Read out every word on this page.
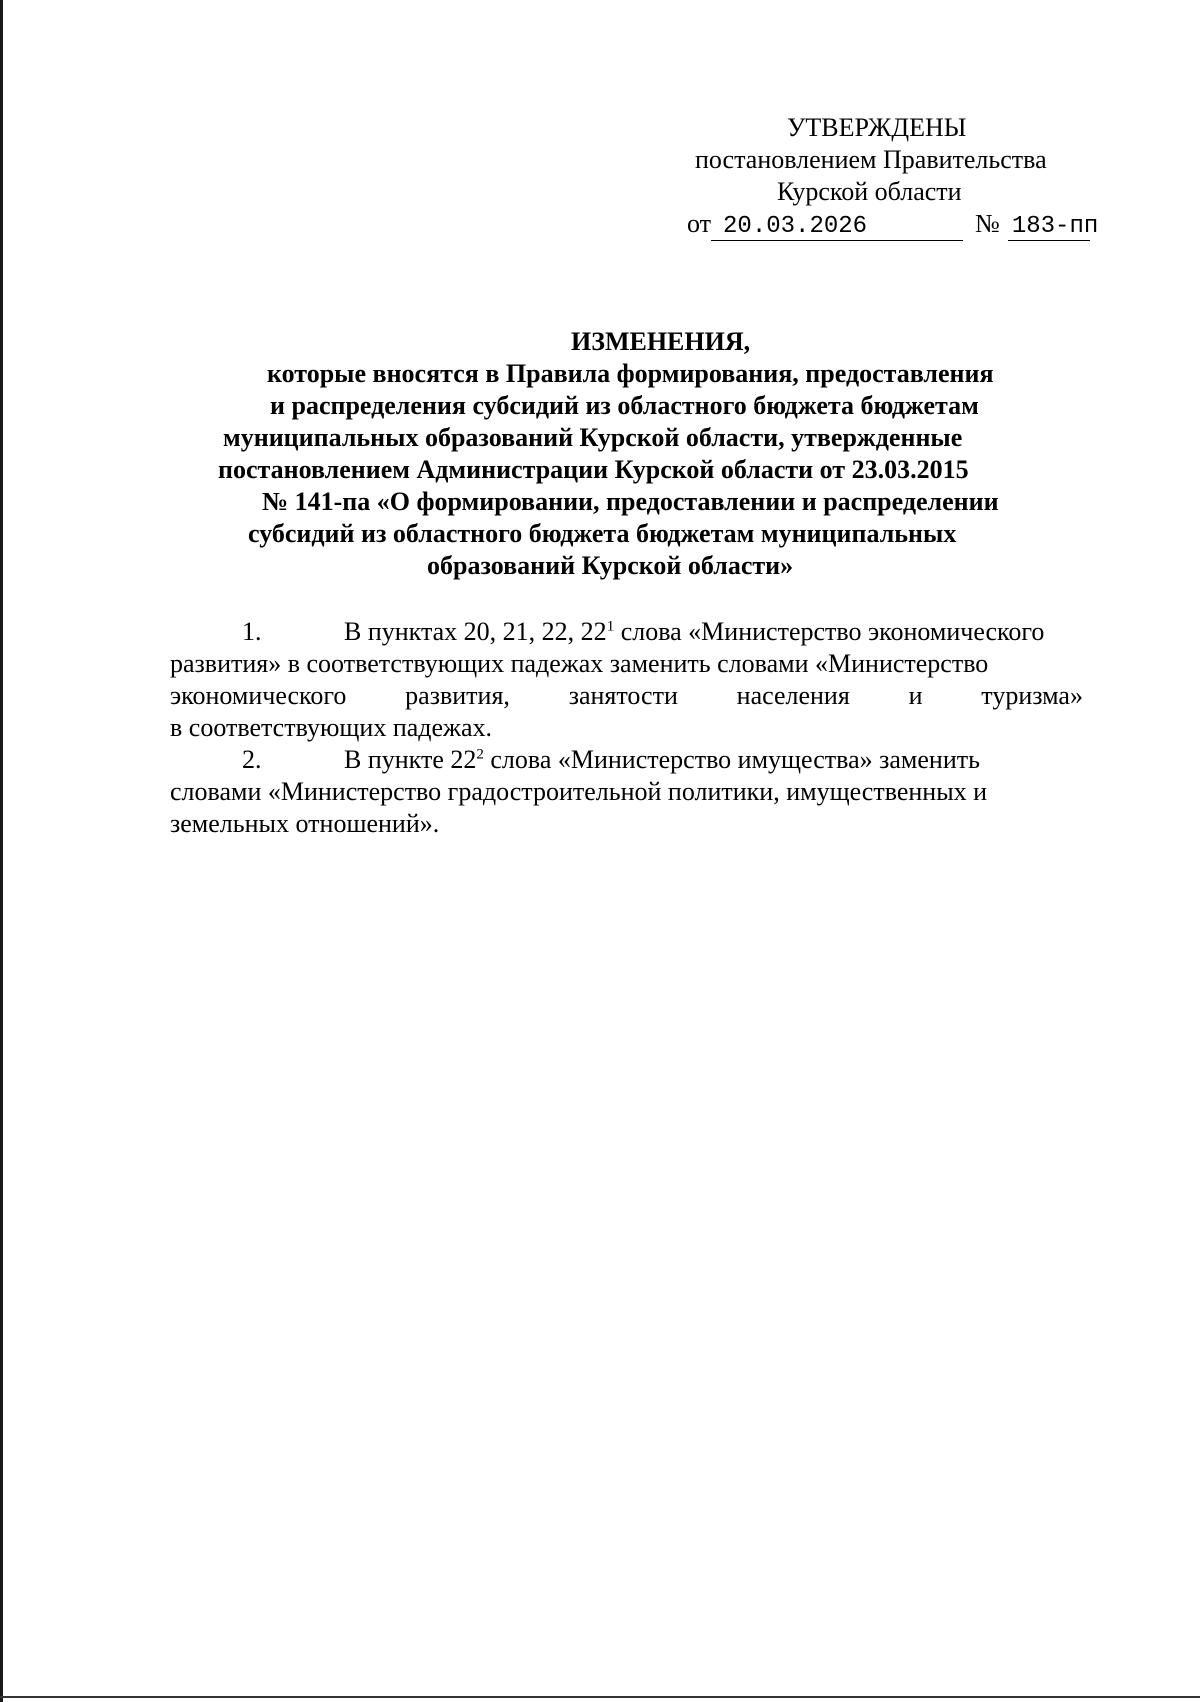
УТВЕРЖДЕНЫ
постановлением Правительства
Курской области
от 20.03.2026	№ 183-пп
ИЗМЕНЕНИЯ,
которые вносятся в Правила формирования, предоставления
и распределения субсидий из областного бюджета бюджетам
муниципальных образований Курской области, утвержденные
постановлением Администрации Курской области от 23.03.2015
№ 141-па «О формировании, предоставлении и распределении
субсидий из областного бюджета бюджетам муниципальных
образований Курской области»
1.	В пунктах 20, 21, 22, $22^1$ слова «Министерство экономического
развития» в соответствующих падежах заменить словами «Министерство
экономического развития, занятости населения и туризма»
в соответствующих падежах.
2.	В пункте $22^2$ слова «Министерство имущества» заменить
словами «Министерство градостроительной политики, имущественных и
земельных отношений».
